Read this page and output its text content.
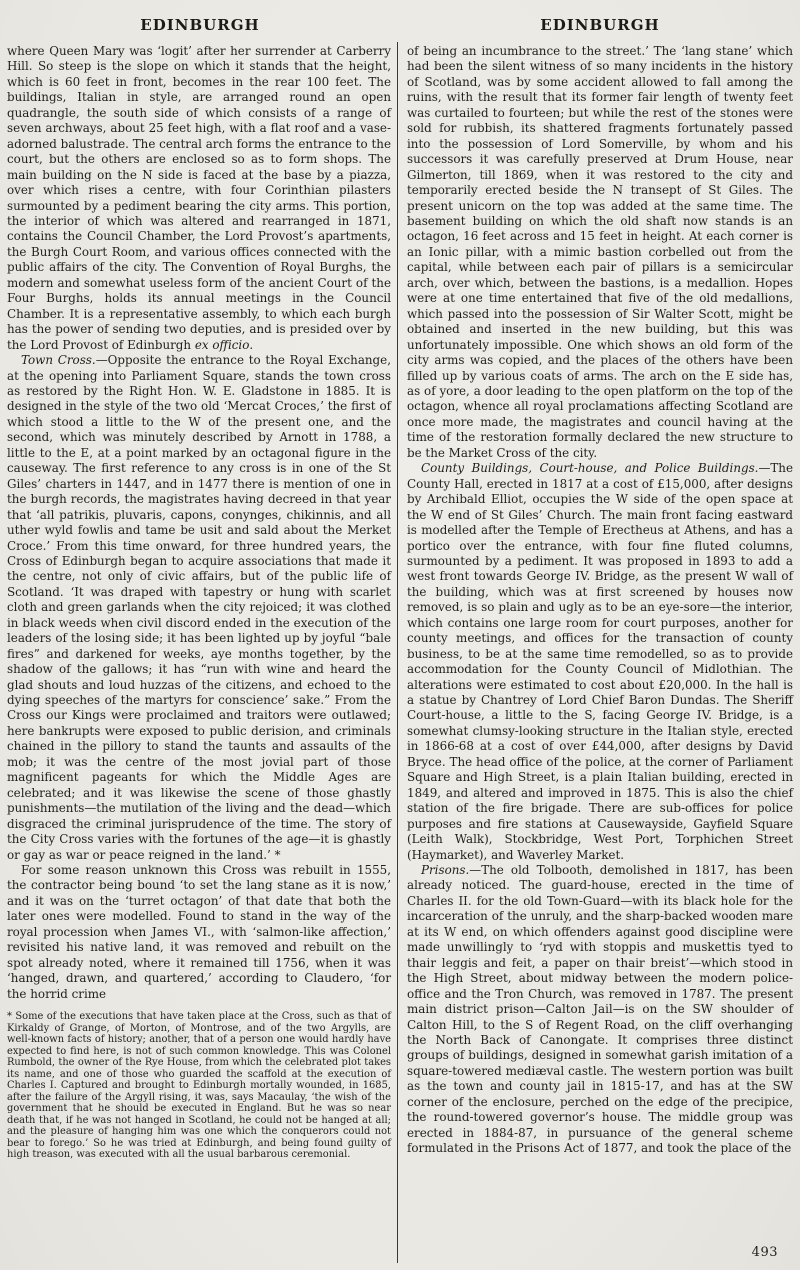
EDINBURGH	EDINBURGH

where Queen Mary was ‘logit’ after her surrender at Carberry Hill. So steep is the slope on which it stands that the height, which is 60 feet in front, becomes in the rear 100 feet. The buildings, Italian in style, are arranged round an open quadrangle, the south side of which consists of a range of seven archways, about 25 feet high, with a flat roof and a vase-adorned balustrade. The central arch forms the entrance to the court, but the others are enclosed so as to form shops. The main building on the N side is faced at the base by a piazza, over which rises a centre, with four Corinthian pilasters surmounted by a pediment bearing the city arms. This portion, the interior of which was altered and rearranged in 1871, contains the Council Chamber, the Lord Provost’s apartments, the Burgh Court Room, and various offices connected with the public affairs of the city. The Convention of Royal Burghs, the modern and somewhat useless form of the ancient Court of the Four Burghs, holds its annual meetings in the Council Chamber. It is a representative assembly, to which each burgh has the power of sending two deputies, and is presided over by the Lord Provost of Edinburgh ex officio.

Town Cross.—Opposite the entrance to the Royal Exchange, at the opening into Parliament Square, stands the town cross as restored by the Right Hon. W. E. Gladstone in 1885. It is designed in the style of the two old ‘Mercat Croces,’ the first of which stood a little to the W of the present one, and the second, which was minutely described by Arnott in 1788, a little to the E, at a point marked by an octagonal figure in the causeway. The first reference to any cross is in one of the St Giles’ charters in 1447, and in 1477 there is mention of one in the burgh records, the magistrates having decreed in that year that ‘all patrikis, pluvaris, capons, conynges, chikinnis, and all uther wyld fowlis and tame be usit and sald about the Merket Croce.’ From this time onward, for three hundred years, the Cross of Edinburgh began to acquire associations that made it the centre, not only of civic affairs, but of the public life of Scotland. ‘It was draped with tapestry or hung with scarlet cloth and green garlands when the city rejoiced; it was clothed in black weeds when civil discord ended in the execution of the leaders of the losing side; it has been lighted up by joyful “bale fires” and darkened for weeks, aye months together, by the shadow of the gallows; it has “run with wine and heard the glad shouts and loud huzzas of the citizens, and echoed to the dying speeches of the martyrs for conscience’ sake.” From the Cross our Kings were proclaimed and traitors were outlawed; here bankrupts were exposed to public derision, and criminals chained in the pillory to stand the taunts and assaults of the mob; it was the centre of the most jovial part of those magnificent pageants for which the Middle Ages are celebrated; and it was likewise the scene of those ghastly punishments—the mutilation of the living and the dead—which disgraced the criminal jurisprudence of the time. The story of the City Cross varies with the fortunes of the age—it is ghastly or gay as war or peace reigned in the land.’ *

For some reason unknown this Cross was rebuilt in 1555, the contractor being bound ‘to set the lang stane as it is now,’ and it was on the ‘turret octagon’ of that date that both the later ones were modelled. Found to stand in the way of the royal procession when James VI., with ‘salmon-like affection,’ revisited his native land, it was removed and rebuilt on the spot already noted, where it remained till 1756, when it was ‘hanged, drawn, and quartered,’ according to Claudero, ‘for the horrid crime

* Some of the executions that have taken place at the Cross, such as that of Kirkaldy of Grange, of Morton, of Montrose, and of the two Argylls, are well-known facts of history; another, that of a person one would hardly have expected to find here, is not of such common knowledge. This was Colonel Rumbold, the owner of the Rye House, from which the celebrated plot takes its name, and one of those who guarded the scaffold at the execution of Charles I. Captured and brought to Edinburgh mortally wounded, in 1685, after the failure of the Argyll rising, it was, says Macaulay, ‘the wish of the government that he should be executed in England. But he was so near death that, if he was not hanged in Scotland, he could not be hanged at all; and the pleasure of hanging him was one which the conquerors could not bear to forego.’ So he was tried at Edinburgh, and being found guilty of high treason, was executed with all the usual barbarous ceremonial.

of being an incumbrance to the street.’ The ‘lang stane’ which had been the silent witness of so many incidents in the history of Scotland, was by some accident allowed to fall among the ruins, with the result that its former fair length of twenty feet was curtailed to fourteen; but while the rest of the stones were sold for rubbish, its shattered fragments fortunately passed into the possession of Lord Somerville, by whom and his successors it was carefully preserved at Drum House, near Gilmerton, till 1869, when it was restored to the city and temporarily erected beside the N transept of St Giles. The present unicorn on the top was added at the same time. The basement building on which the old shaft now stands is an octagon, 16 feet across and 15 feet in height. At each corner is an Ionic pillar, with a mimic bastion corbelled out from the capital, while between each pair of pillars is a semicircular arch, over which, between the bastions, is a medallion. Hopes were at one time entertained that five of the old medallions, which passed into the possession of Sir Walter Scott, might be obtained and inserted in the new building, but this was unfortunately impossible. One which shows an old form of the city arms was copied, and the places of the others have been filled up by various coats of arms. The arch on the E side has, as of yore, a door leading to the open platform on the top of the octagon, whence all royal proclamations affecting Scotland are once more made, the magistrates and council having at the time of the restoration formally declared the new structure to be the Market Cross of the city.

County Buildings, Court-house, and Police Buildings.—The County Hall, erected in 1817 at a cost of £15,000, after designs by Archibald Elliot, occupies the W side of the open space at the W end of St Giles’ Church. The main front facing eastward is modelled after the Temple of Erectheus at Athens, and has a portico over the entrance, with four fine fluted columns, surmounted by a pediment. It was proposed in 1893 to add a west front towards George IV. Bridge, as the present W wall of the building, which was at first screened by houses now removed, is so plain and ugly as to be an eye-sore—the interior, which contains one large room for court purposes, another for county meetings, and offices for the transaction of county business, to be at the same time remodelled, so as to provide accommodation for the County Council of Midlothian. The alterations were estimated to cost about £20,000. In the hall is a statue by Chantrey of Lord Chief Baron Dundas. The Sheriff Court-house, a little to the S, facing George IV. Bridge, is a somewhat clumsy-looking structure in the Italian style, erected in 1866-68 at a cost of over £44,000, after designs by David Bryce. The head office of the police, at the corner of Parliament Square and High Street, is a plain Italian building, erected in 1849, and altered and improved in 1875. This is also the chief station of the fire brigade. There are sub-offices for police purposes and fire stations at Causewayside, Gayfield Square (Leith Walk), Stockbridge, West Port, Torphichen Street (Haymarket), and Waverley Market.

Prisons.—The old Tolbooth, demolished in 1817, has been already noticed. The guard-house, erected in the time of Charles II. for the old Town-Guard—with its black hole for the incarceration of the unruly, and the sharp-backed wooden mare at its W end, on which offenders against good discipline were made unwillingly to ‘ryd with stoppis and muskettis tyed to thair leggis and feit, a paper on thair breist’—which stood in the High Street, about midway between the modern police-office and the Tron Church, was removed in 1787. The present main district prison—Calton Jail—is on the SW shoulder of Calton Hill, to the S of Regent Road, on the cliff overhanging the North Back of Canongate. It comprises three distinct groups of buildings, designed in somewhat garish imitation of a square-towered mediæval castle. The western portion was built as the town and county jail in 1815-17, and has at the SW corner of the enclosure, perched on the edge of the precipice, the round-towered governor’s house. The middle group was erected in 1884-87, in pursuance of the general scheme formulated in the Prisons Act of 1877, and took the place of the

493
